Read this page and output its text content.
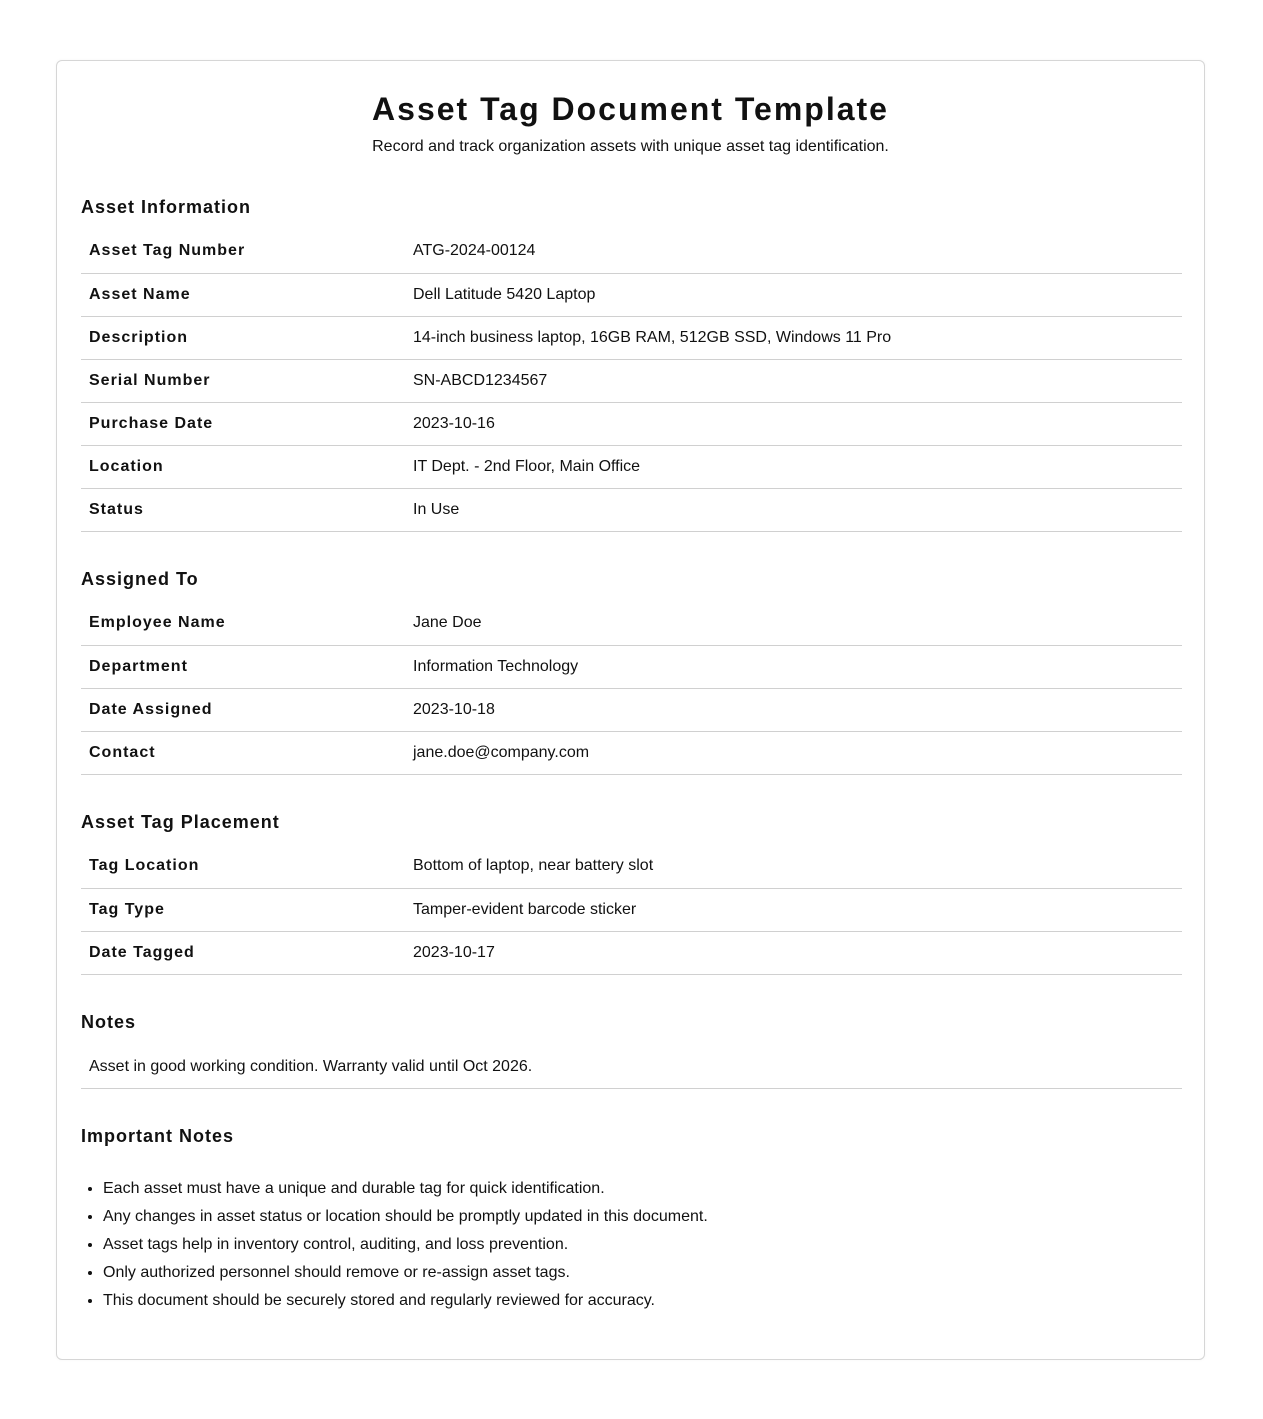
Asset Tag Document Template
Record and track organization assets with unique asset tag identification.
Asset Information
Asset Tag Number	ATG-2024-00124
Asset Name	Dell Latitude 5420 Laptop
Description	14-inch business laptop, 16GB RAM, 512GB SSD, Windows 11 Pro
Serial Number	SN-ABCD1234567
Purchase Date	2023-10-16
Location	IT Dept. - 2nd Floor, Main Office
Status	In Use
Assigned To
Employee Name	Jane Doe
Department	Information Technology
Date Assigned	2023-10-18
Contact	jane.doe@company.com
Asset Tag Placement
Tag Location	Bottom of laptop, near battery slot
Tag Type	Tamper-evident barcode sticker
Date Tagged	2023-10-17
Notes
Asset in good working condition. Warranty valid until Oct 2026.
Important Notes
• Each asset must have a unique and durable tag for quick identification.
• Any changes in asset status or location should be promptly updated in this document.
• Asset tags help in inventory control, auditing, and loss prevention.
• Only authorized personnel should remove or re-assign asset tags.
• This document should be securely stored and regularly reviewed for accuracy.
